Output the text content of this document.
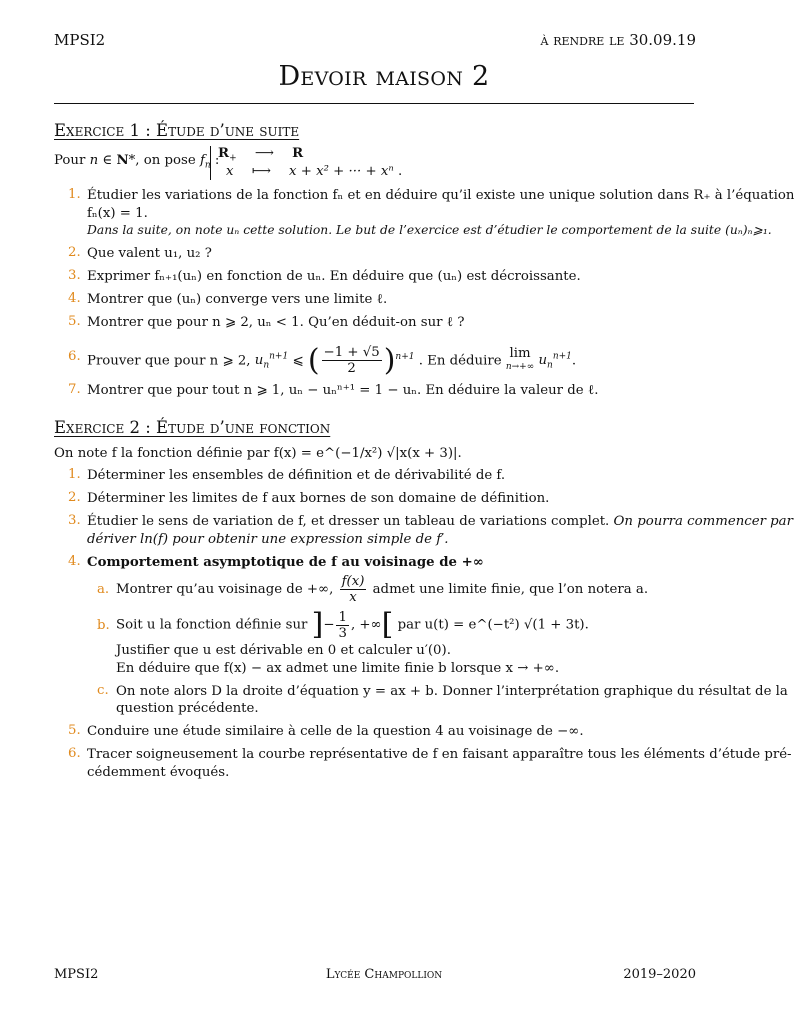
MPSI2	à rendre le 30.09.19
Devoir maison 2
Exercice 1 : Étude d’une suite
Pour n ∈ N*, on pose $f_n$ :
$R_+$ ⟶ R
x ⟼ x + x² + ··· + xⁿ .
1. Étudier les variations de la fonction fₙ et en déduire qu’il existe une unique solution dans R₊ à l’équation
fₙ(x) = 1.
Dans la suite, on note uₙ cette solution. Le but de l’exercice est d’étudier le comportement de la suite (uₙ)ₙ⩾₁.
2. Que valent u₁, u₂ ?
3. Exprimer fₙ₊₁(uₙ) en fonction de uₙ. En déduire que (uₙ) est décroissante.
4. Montrer que (uₙ) converge vers une limite ℓ.
5. Montrer que pour n ⩾ 2, uₙ < 1. Qu’en déduit-on sur ℓ ?
6. Prouver que pour n ⩾ 2, $u_n^{n+1}$ ⩽ ( $\frac{-1 + √5}{2} )^{n+1}$ . En déduire lim
n→+∞ $u_n^{n+1}$.
7. Montrer que pour tout n ⩾ 1, uₙ − uₙⁿ⁺¹ = 1 − uₙ. En déduire la valeur de ℓ.
Exercice 2 : Étude d’une fonction
On note f la fonction définie par f(x) = e^(−1/x²) √|x(x + 3)|.
1. Déterminer les ensembles de définition et de dérivabilité de f.
2. Déterminer les limites de f aux bornes de son domaine de définition.
3. Étudier le sens de variation de f, et dresser un tableau de variations complet. On pourra commencer par
dériver ln(f) pour obtenir une expression simple de f′.
4. Comportement asymptotique de f au voisinage de +∞
a. Montrer qu’au voisinage de +∞, $\frac{f(x)}{x}$ admet une limite finie, que l’on notera a.
b. Soit u la fonction définie sur ]− $\frac{1}{3}$ , +∞[ par u(t) = e^(−t²) √(1 + 3t).
Justifier que u est dérivable en 0 et calculer u′(0).
En déduire que f(x) − ax admet une limite finie b lorsque x → +∞.
c. On note alors D la droite d’équation y = ax + b. Donner l’interprétation graphique du résultat de la
question précédente.
5. Conduire une étude similaire à celle de la question 4 au voisinage de −∞.
6. Tracer soigneusement la courbe représentative de f en faisant apparaître tous les éléments d’étude pré-
cédemment évoqués.
MPSI2	Lycée Champollion	2019–2020
